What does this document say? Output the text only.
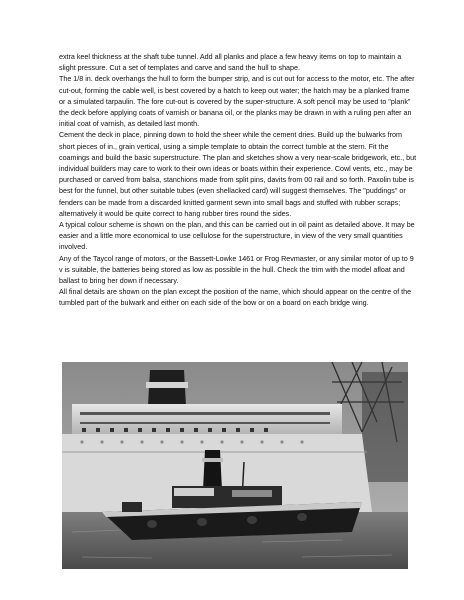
extra keel thickness at the shaft tube tunnel. Add all planks and place a few heavy items on top to maintain a slight pressure. Cut a set of templates and carve and sand the hull to shape.

The 1/8 in. deck overhangs the hull to form the bumper strip, and is cut out for access to the motor, etc. The after cut-out, forming the cable well, is best covered by a hatch to keep out water; the hatch may be a planked frame or a simulated tarpaulin. The fore cut-out is covered by the super-structure. A soft pencil may be used to "plank" the deck before applying coats of varnish or banana oil, or the planks may be drawn in with a ruling pen after an initial coat of varnish, as detailed last month.

Cement the deck in place, pinning down to hold the sheer while the cement dries. Build up the bulwarks from short pieces of in., grain vertical, using a simple template to obtain the correct tumble at the stern. Fit the coamings and build the basic superstructure. The plan and sketches show a very near-scale bridgework, etc., but individual builders may care to work to their own ideas or boats within their experience. Cowl vents, etc., may be purchased or carved from balsa, stanchions made from split pins, davits from 00 rail and so forth. Paxolin tube is best for the funnel, but other suitable tubes (even shellacked card) will suggest themselves. The "puddings" or fenders can be made from a discarded knitted garment sewn into small bags and stuffed with rubber scraps; alternatively it would be quite correct to hang rubber tires round the sides.

A typical colour scheme is shown on the plan, and this can be carried out in oil paint as detailed above. It may be easier and a little more economical to use cellulose for the superstructure, in view of the very small quantities involved.

Any of the Taycol range of motors, or the Bassett-Lowke 1461 or Frog Revmaster, or any similar motor of up to 9 v is suitable, the batteries being stored as low as possible in the hull. Check the trim with the model afloat and ballast to bring her down if necessary.

All final details are shown on the plan except the position of the name, which should appear on the centre of the tumbled part of the bulwark and either on each side of the bow or on a board on each bridge wing.
